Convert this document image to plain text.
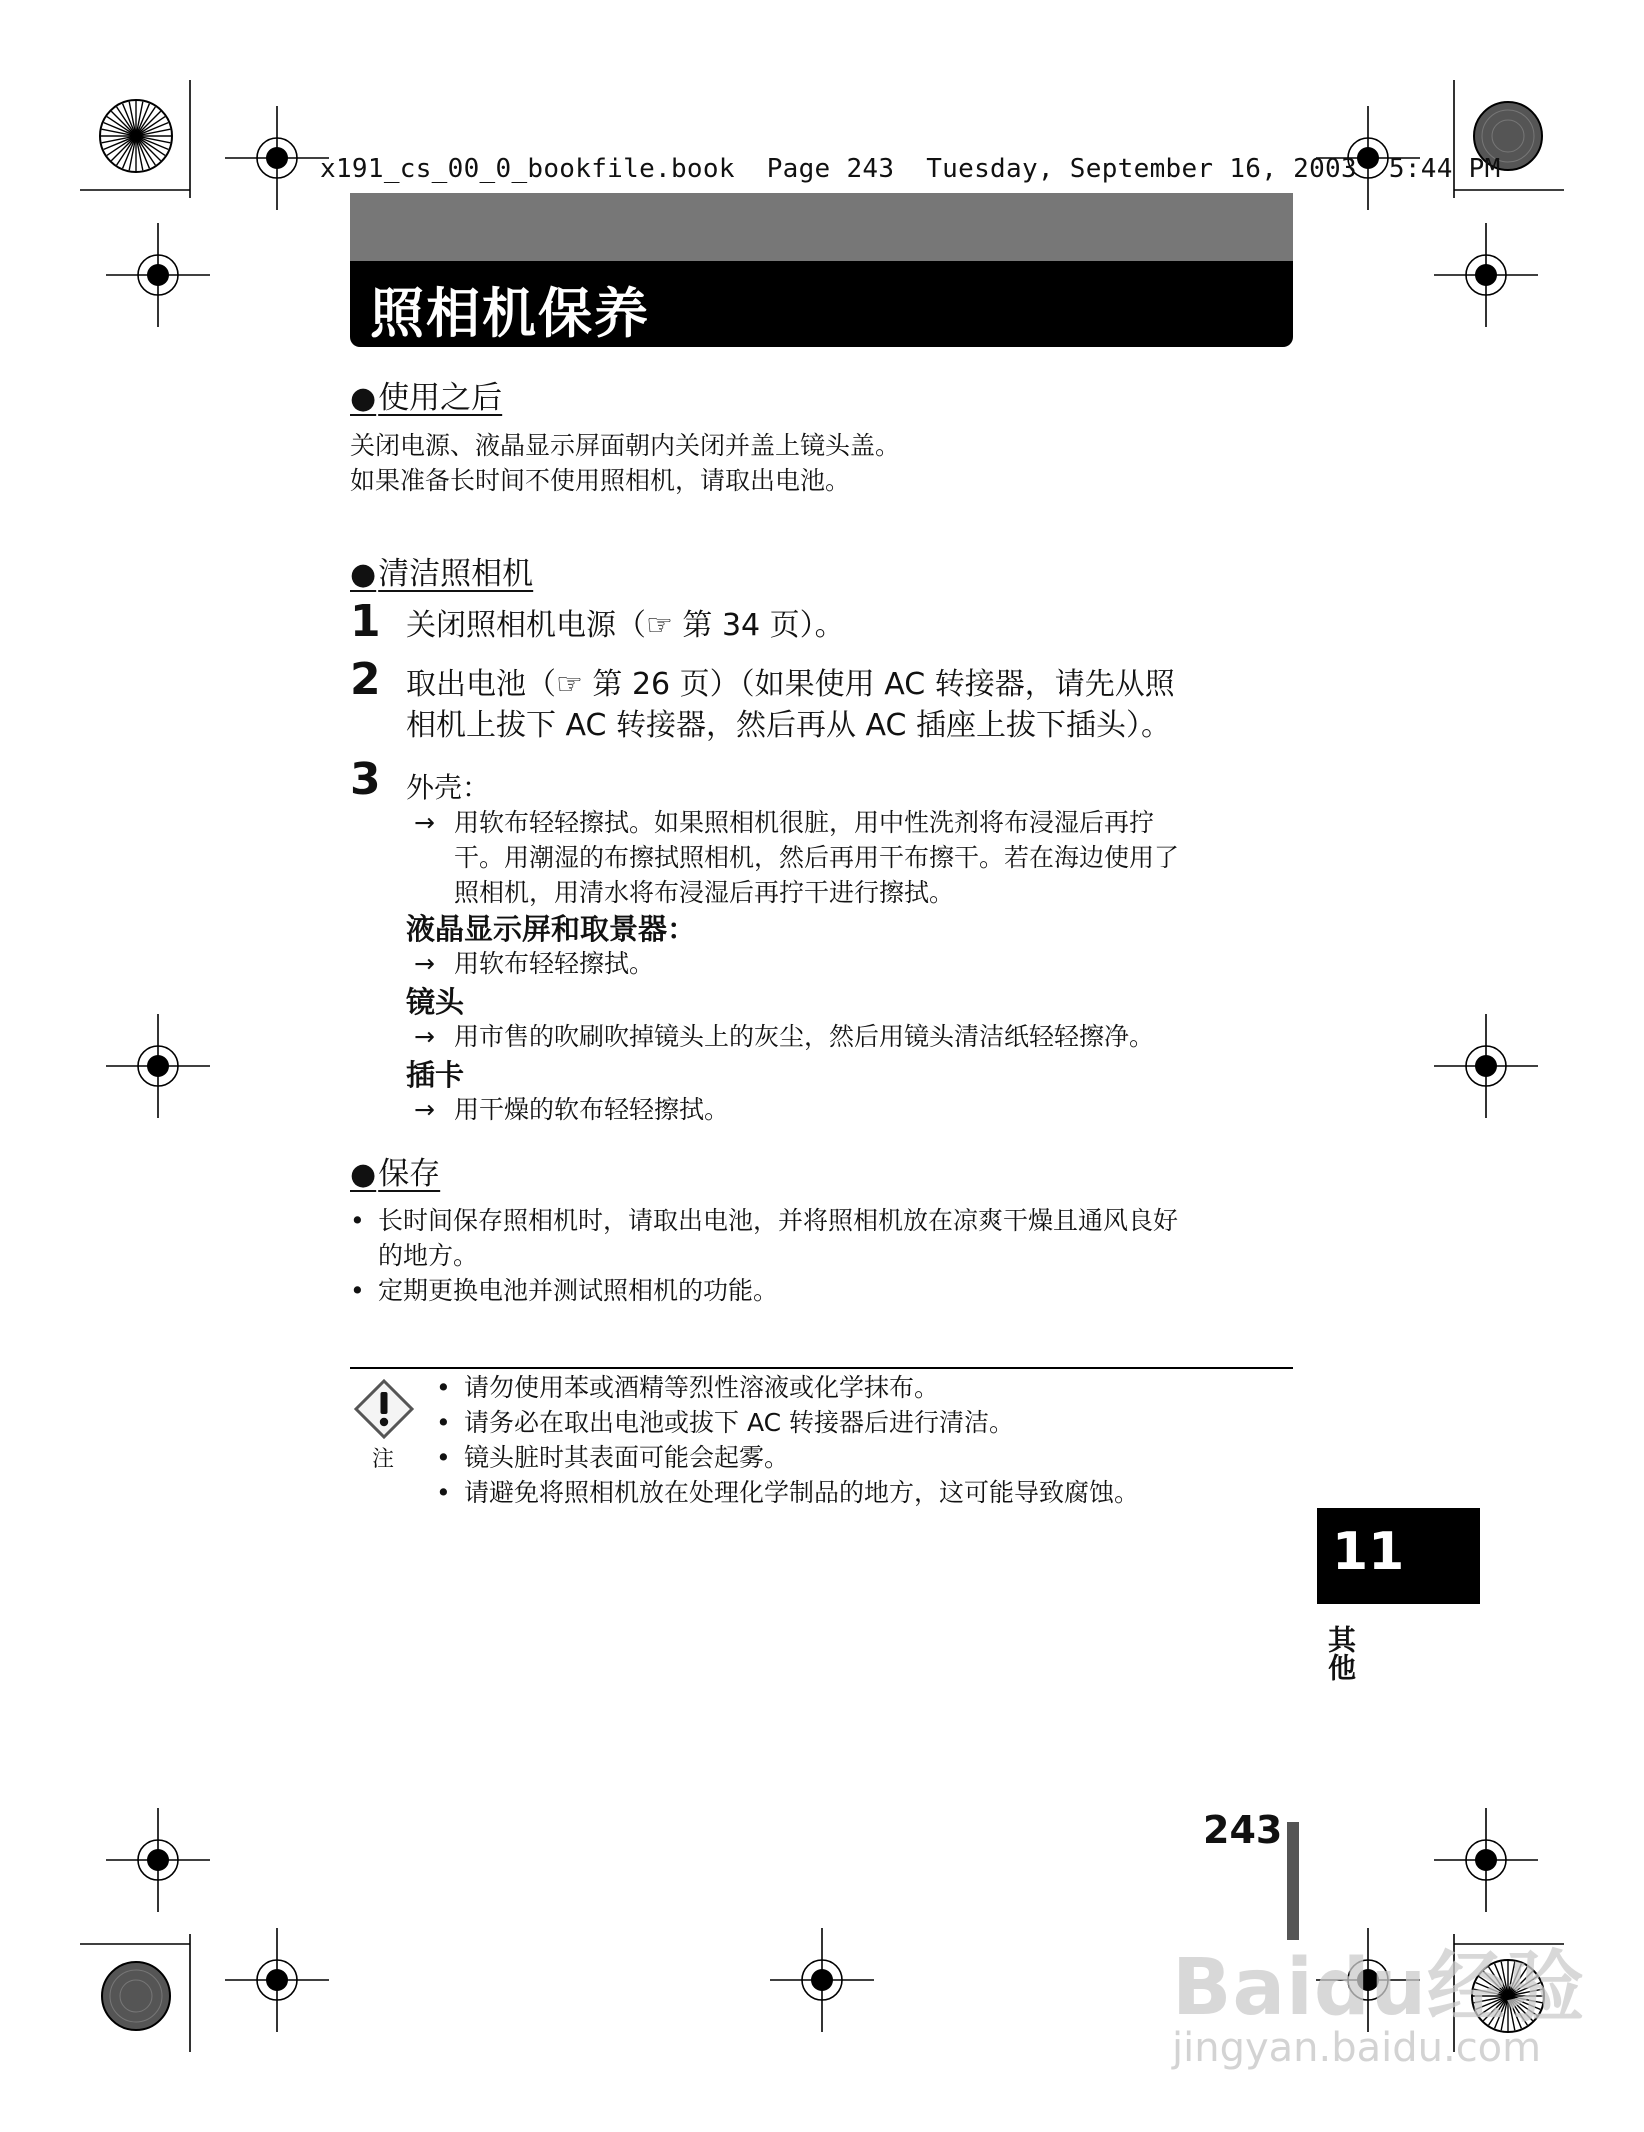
x191_cs_00_0_bookfile.book  Page 243  Tuesday, September 16, 2003  5:44 PM
照相机保养
●使用之后
关闭电源、液晶显示屏面朝内关闭并盖上镜头盖。
如果准备长时间不使用照相机，请取出电池。
●清洁照相机
1 关闭照相机电源（☞ 第 34 页）。
2 取出电池（☞ 第 26 页）（如果使用 AC 转接器，请先从照
相机上拔下 AC 转接器，然后再从 AC 插座上拔下插头）。
3 外壳：
→ 用软布轻轻擦拭。如果照相机很脏，用中性洗剂将布浸湿后再拧
干。用潮湿的布擦拭照相机，然后再用干布擦干。若在海边使用了
照相机，用清水将布浸湿后再拧干进行擦拭。
液晶显示屏和取景器：
→ 用软布轻轻擦拭。
镜头
→ 用市售的吹刷吹掉镜头上的灰尘，然后用镜头清洁纸轻轻擦净。
插卡
→ 用干燥的软布轻轻擦拭。
●保存
• 长时间保存照相机时，请取出电池，并将照相机放在凉爽干燥且通风良好
的地方。
• 定期更换电池并测试照相机的功能。
注
• 请勿使用苯或酒精等烈性溶液或化学抹布。
• 请务必在取出电池或拔下 AC 转接器后进行清洁。
• 镜头脏时其表面可能会起雾。
• 请避免将照相机放在处理化学制品的地方，这可能导致腐蚀。
11
其他
243
Baidu经验
jingyan.baidu.com
